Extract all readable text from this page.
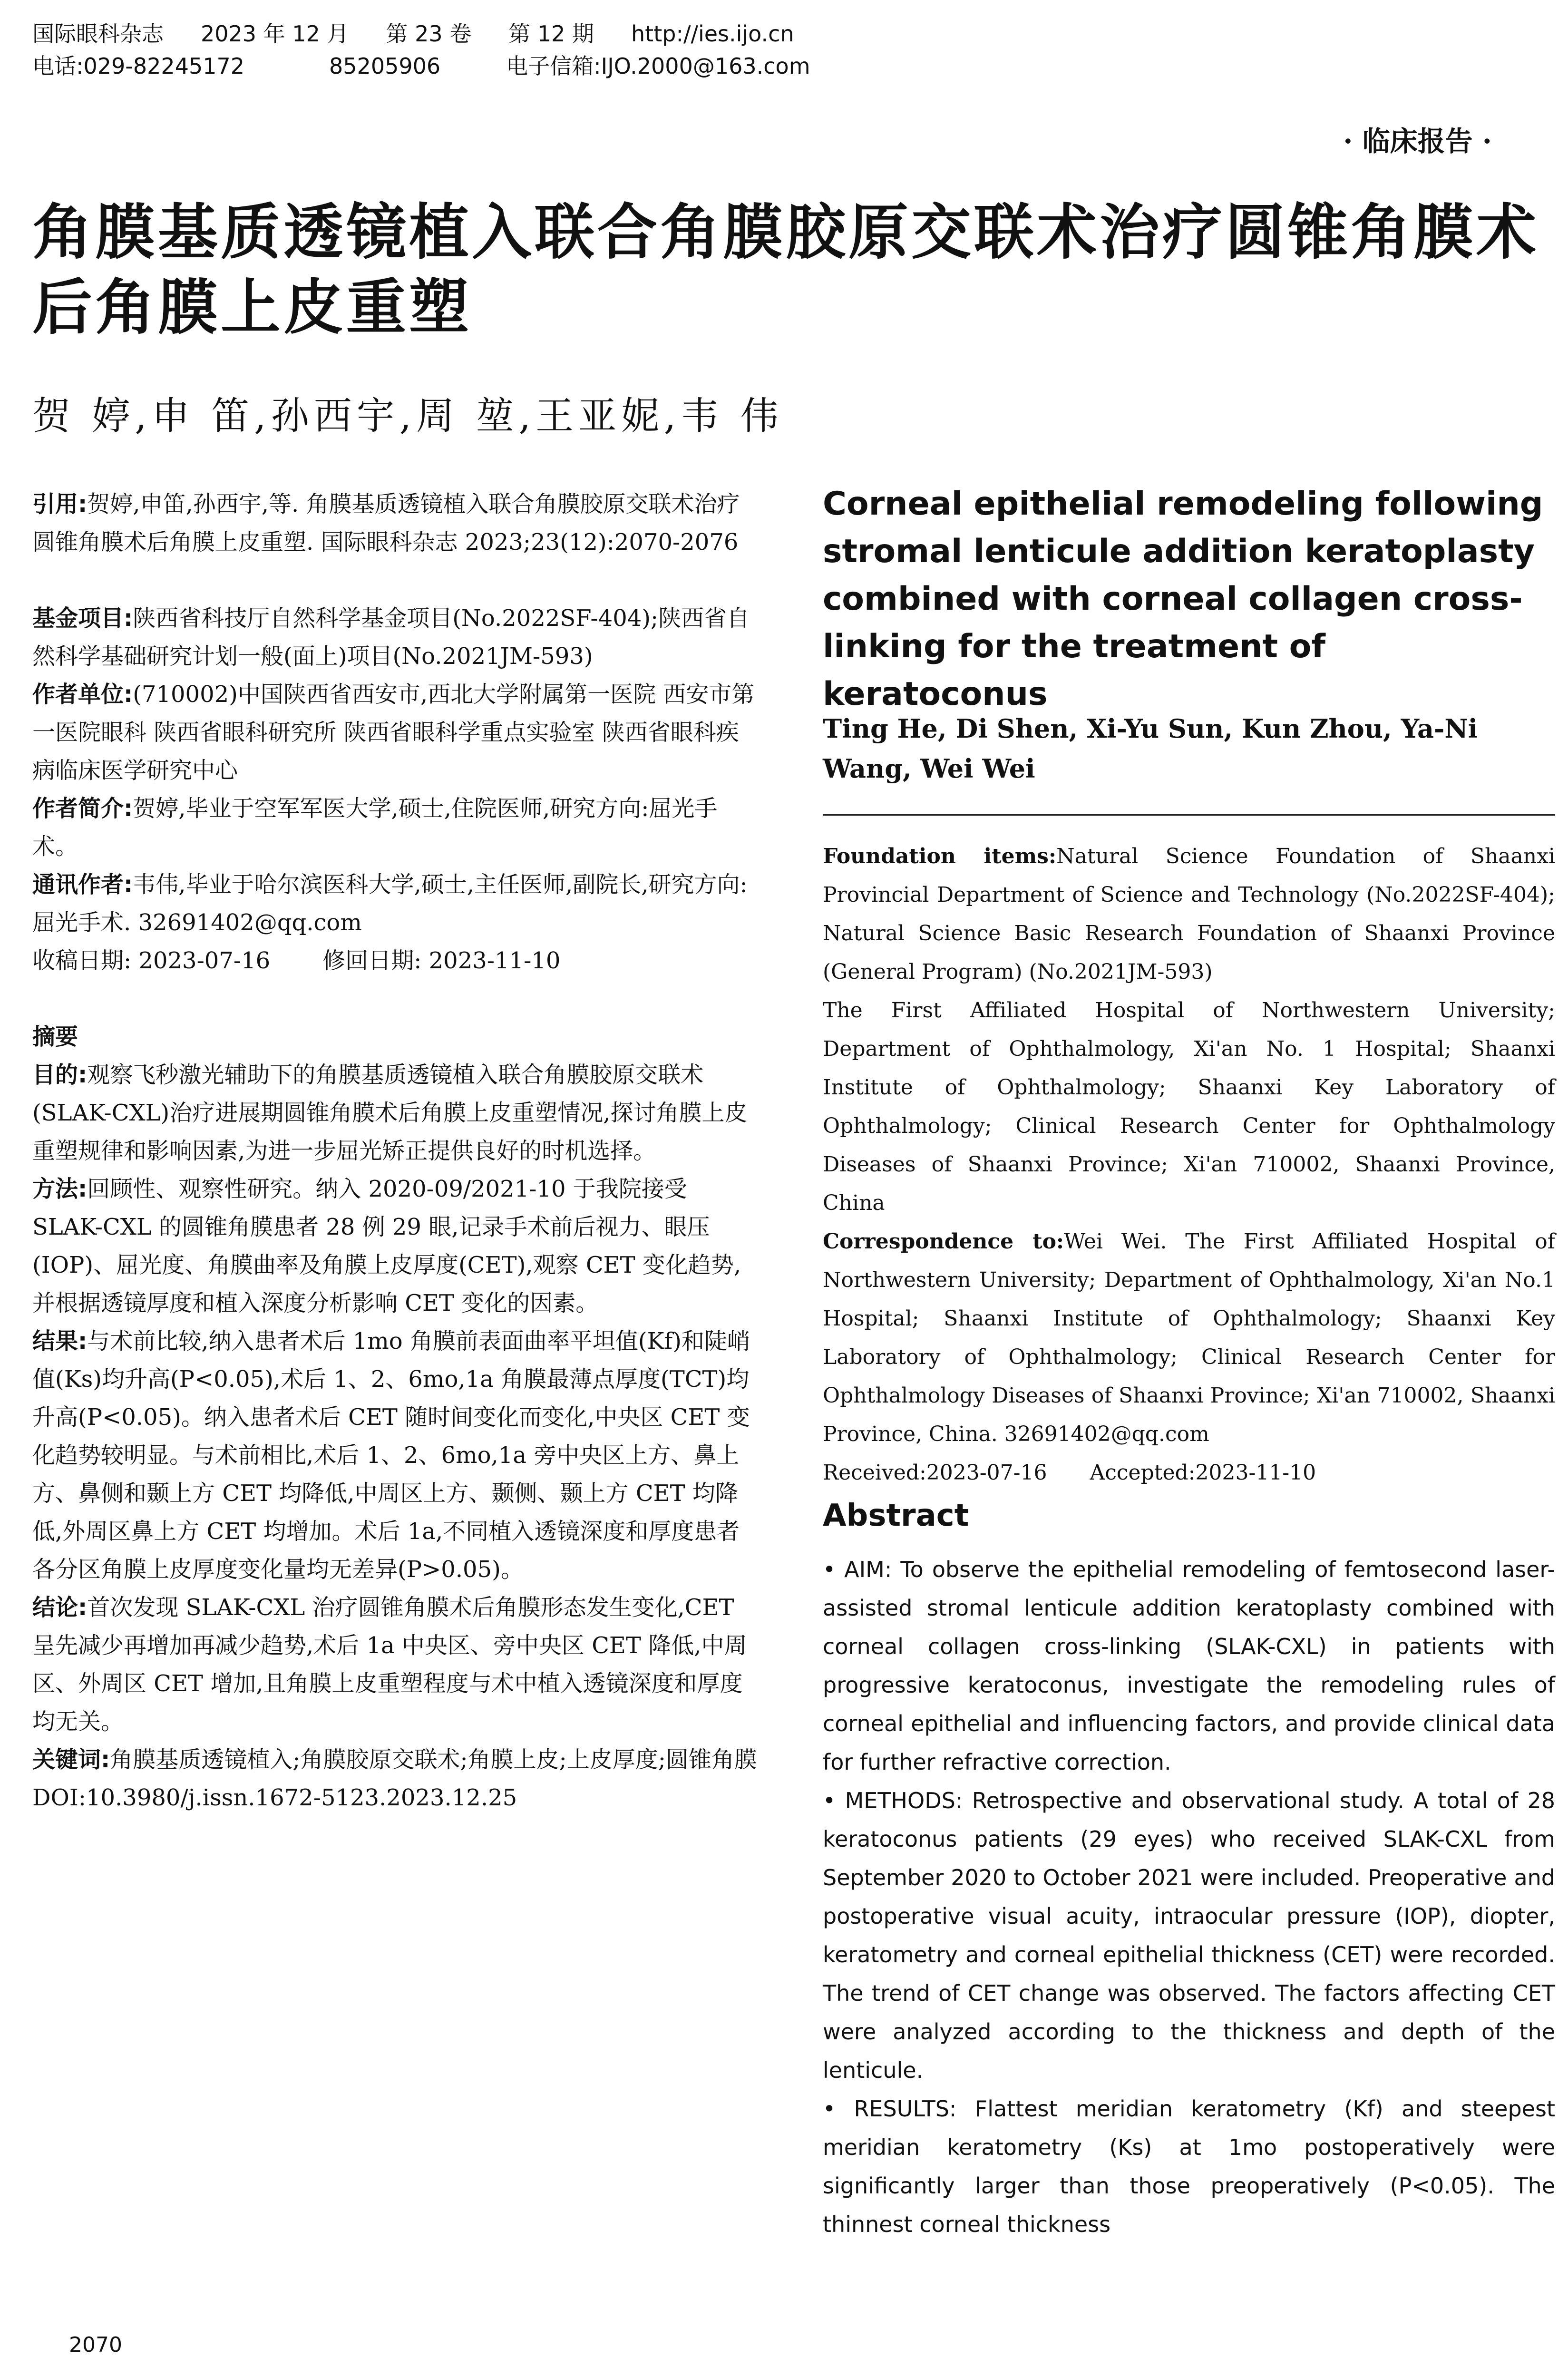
国际眼科杂志 2023 年 12 月 第 23 卷 第 12 期 http://ies.ijo.cn
电话:029-82245172	85205906	电子信箱:IJO.2000@163.com
· 临床报告 ·
角膜基质透镜植入联合角膜胶原交联术治疗圆锥角膜术后角膜上皮重塑
贺 婷,申 笛,孙西宇,周 堃,王亚妮,韦 伟

引用:贺婷,申笛,孙西宇,等. 角膜基质透镜植入联合角膜胶原交联术治疗圆锥角膜术后角膜上皮重塑. 国际眼科杂志 2023;23(12):2070-2076

基金项目:陕西省科技厅自然科学基金项目(No.2022SF-404);陕西省自然科学基础研究计划一般(面上)项目(No.2021JM-593)

作者单位:(710002)中国陕西省西安市,西北大学附属第一医院 西安市第一医院眼科 陕西省眼科研究所 陕西省眼科学重点实验室 陕西省眼科疾病临床医学研究中心

作者简介:贺婷,毕业于空军军医大学,硕士,住院医师,研究方向:屈光手术。

通讯作者:韦伟,毕业于哈尔滨医科大学,硕士,主任医师,副院长,研究方向:屈光手术. 32691402@qq.com

收稿日期: 2023-07-16 修回日期: 2023-11-10

摘要

目的:观察飞秒激光辅助下的角膜基质透镜植入联合角膜胶原交联术(SLAK-CXL)治疗进展期圆锥角膜术后角膜上皮重塑情况,探讨角膜上皮重塑规律和影响因素,为进一步屈光矫正提供良好的时机选择。

方法:回顾性、观察性研究。纳入 2020-09/2021-10 于我院接受 SLAK-CXL 的圆锥角膜患者 28 例 29 眼,记录手术前后视力、眼压(IOP)、屈光度、角膜曲率及角膜上皮厚度(CET),观察 CET 变化趋势,并根据透镜厚度和植入深度分析影响 CET 变化的因素。

结果:与术前比较,纳入患者术后 1mo 角膜前表面曲率平坦值(Kf)和陡峭值(Ks)均升高(P<0.05),术后 1、2、6mo,1a 角膜最薄点厚度(TCT)均升高(P<0.05)。纳入患者术后 CET 随时间变化而变化,中央区 CET 变化趋势较明显。与术前相比,术后 1、2、6mo,1a 旁中央区上方、鼻上方、鼻侧和颞上方 CET 均降低,中周区上方、颞侧、颞上方 CET 均降低,外周区鼻上方 CET 均增加。术后 1a,不同植入透镜深度和厚度患者各分区角膜上皮厚度变化量均无差异(P>0.05)。

结论:首次发现 SLAK-CXL 治疗圆锥角膜术后角膜形态发生变化,CET 呈先减少再增加再减少趋势,术后 1a 中央区、旁中央区 CET 降低,中周区、外周区 CET 增加,且角膜上皮重塑程度与术中植入透镜深度和厚度均无关。

关键词:角膜基质透镜植入;角膜胶原交联术;角膜上皮;上皮厚度;圆锥角膜

DOI:10.3980/j.issn.1672-5123.2023.12.25

Corneal epithelial remodeling following stromal lenticule addition keratoplasty combined with corneal collagen cross-linking for the treatment of keratoconus
Ting He, Di Shen, Xi-Yu Sun, Kun Zhou, Ya-Ni Wang, Wei Wei

Foundation items:Natural Science Foundation of Shaanxi Provincial Department of Science and Technology (No.2022SF-404); Natural Science Basic Research Foundation of Shaanxi Province (General Program) (No.2021JM-593)

The First Affiliated Hospital of Northwestern University; Department of Ophthalmology, Xi'an No. 1 Hospital; Shaanxi Institute of Ophthalmology; Shaanxi Key Laboratory of Ophthalmology; Clinical Research Center for Ophthalmology Diseases of Shaanxi Province; Xi'an 710002, Shaanxi Province, China

Correspondence to:Wei Wei. The First Affiliated Hospital of Northwestern University; Department of Ophthalmology, Xi'an No.1 Hospital; Shaanxi Institute of Ophthalmology; Shaanxi Key Laboratory of Ophthalmology; Clinical Research Center for Ophthalmology Diseases of Shaanxi Province; Xi'an 710002, Shaanxi Province, China. 32691402@qq.com

Received:2023-07-16 Accepted:2023-11-10

Abstract

• AIM: To observe the epithelial remodeling of femtosecond laser-assisted stromal lenticule addition keratoplasty combined with corneal collagen cross-linking (SLAK-CXL) in patients with progressive keratoconus, investigate the remodeling rules of corneal epithelial and influencing factors, and provide clinical data for further refractive correction.

• METHODS: Retrospective and observational study. A total of 28 keratoconus patients (29 eyes) who received SLAK-CXL from September 2020 to October 2021 were included. Preoperative and postoperative visual acuity, intraocular pressure (IOP), diopter, keratometry and corneal epithelial thickness (CET) were recorded. The trend of CET change was observed. The factors affecting CET were analyzed according to the thickness and depth of the lenticule.

• RESULTS: Flattest meridian keratometry (Kf) and steepest meridian keratometry (Ks) at 1mo postoperatively were significantly larger than those preoperatively (P<0.05). The thinnest corneal thickness

2070
